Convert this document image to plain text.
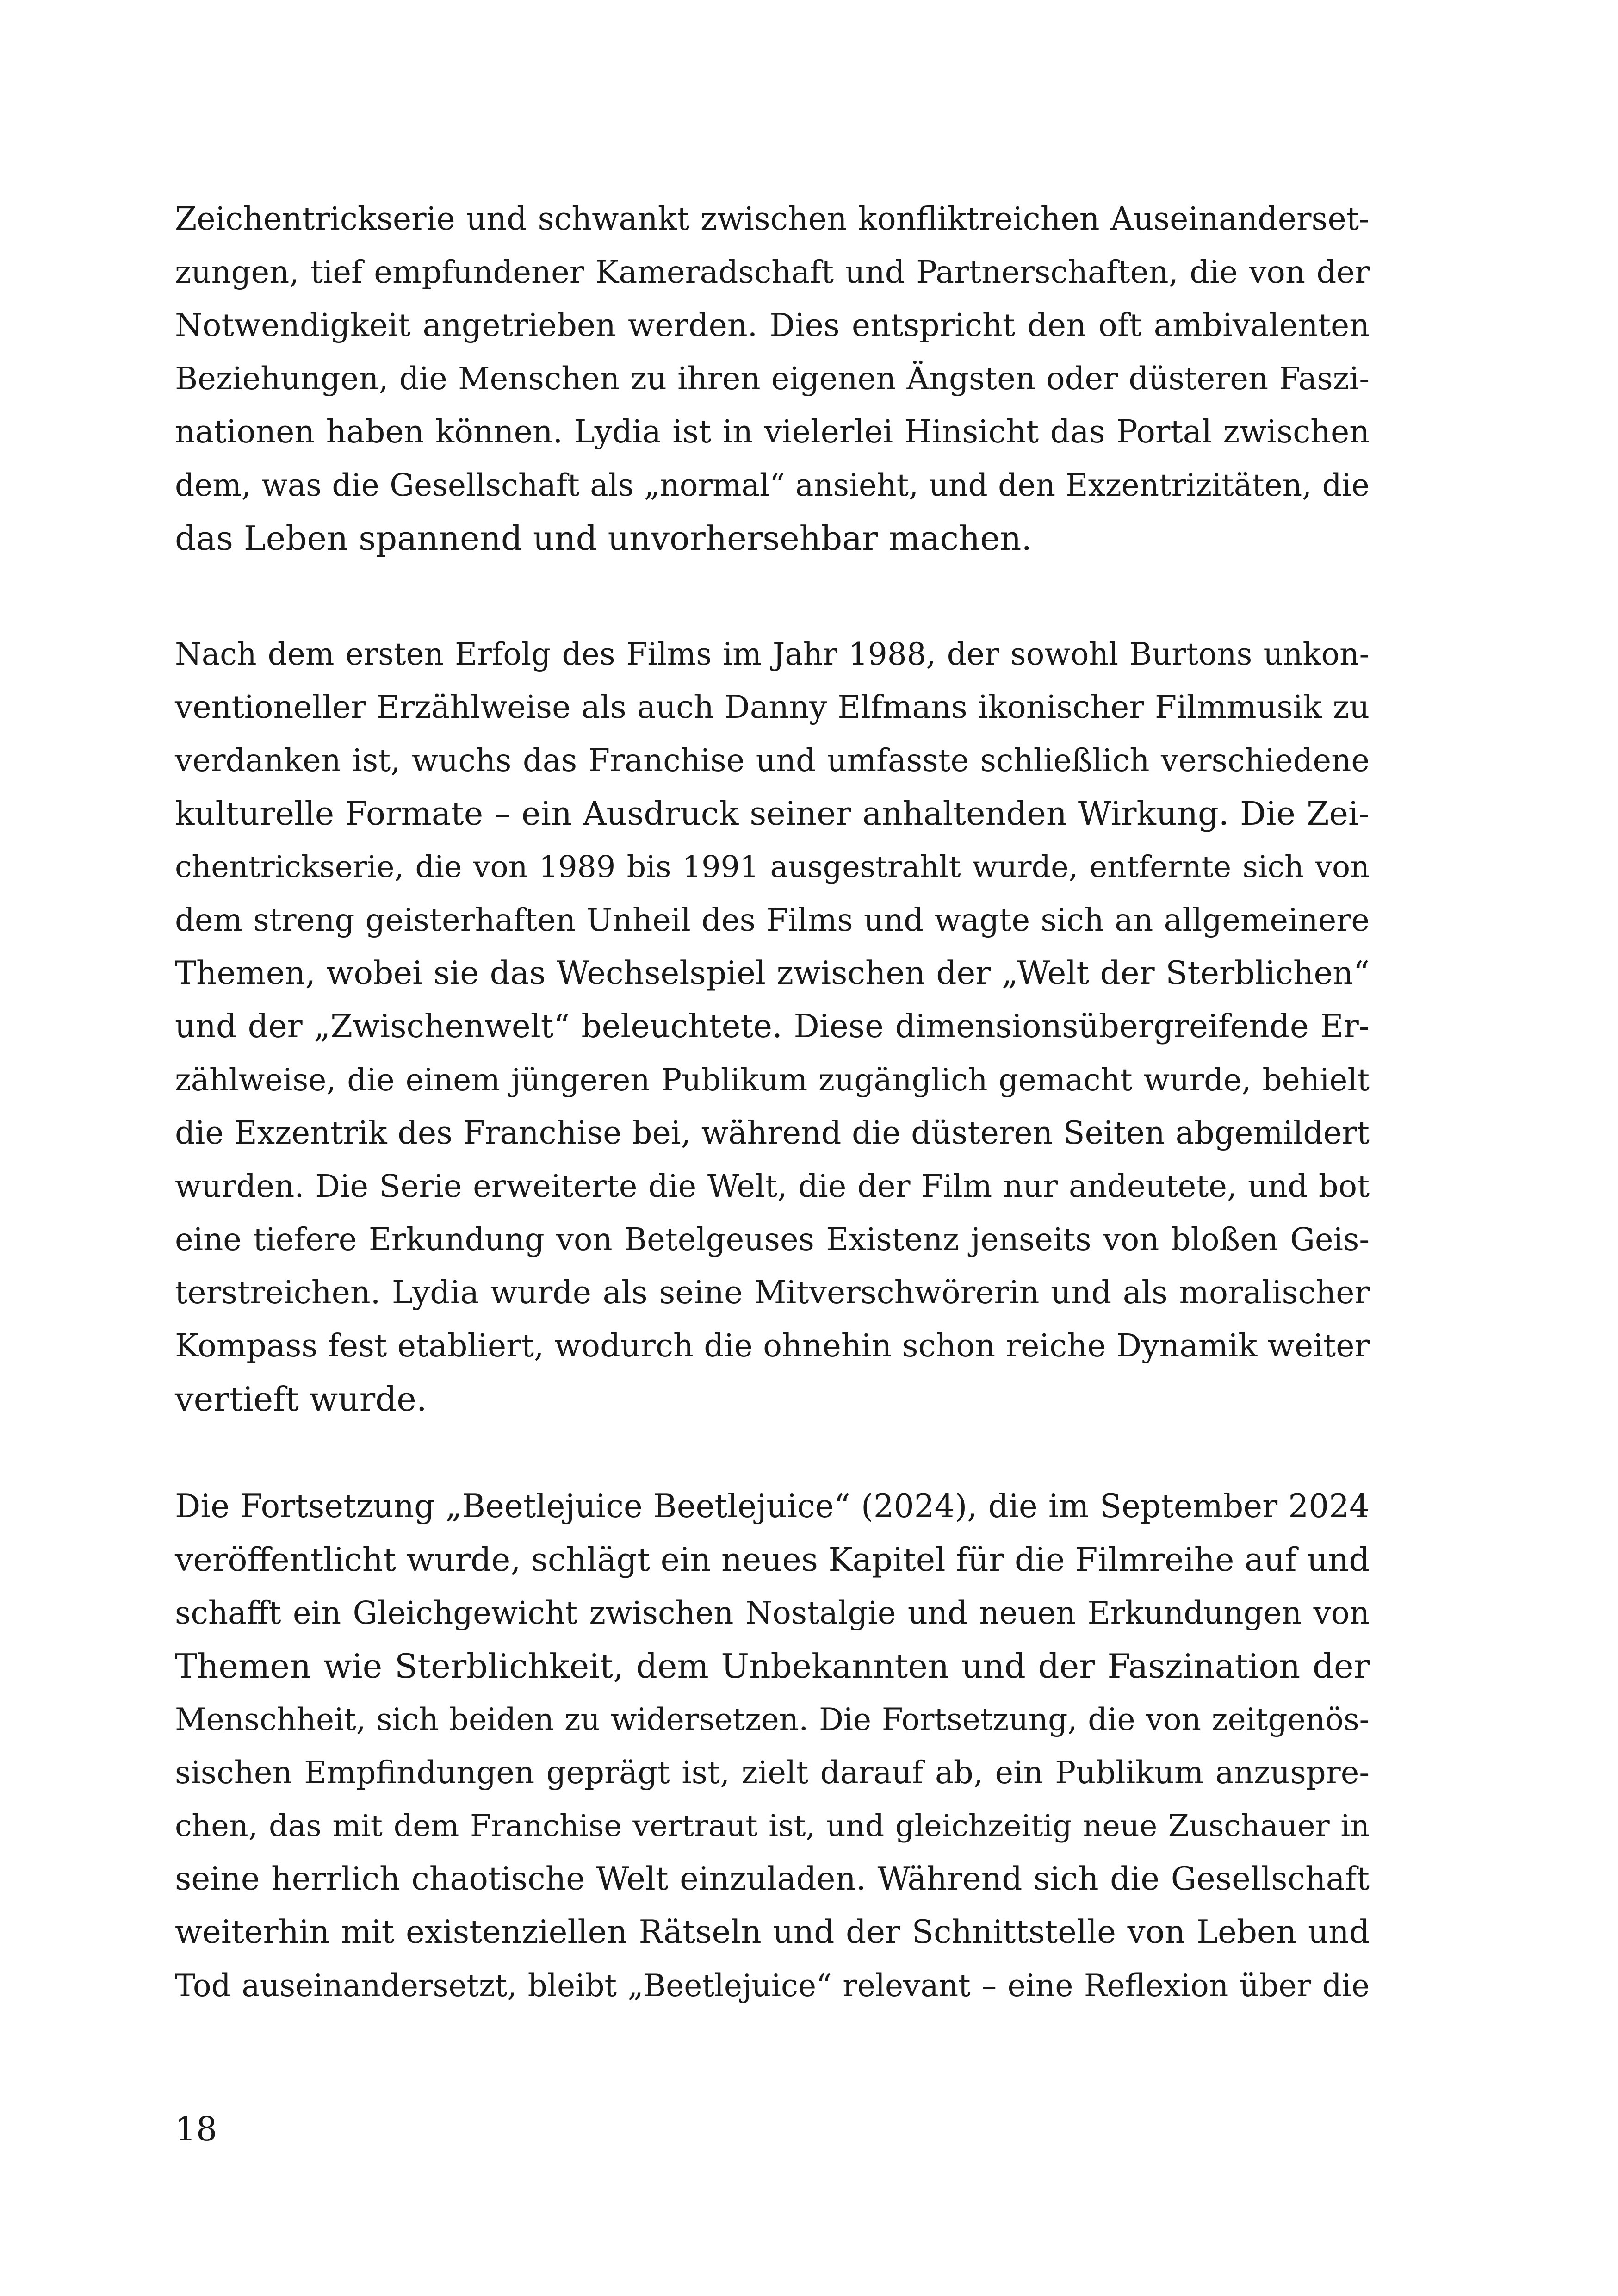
Zeichentrickserie und schwankt zwischen konfliktreichen Auseinanderset-
zungen, tief empfundener Kameradschaft und Partnerschaften, die von der
Notwendigkeit angetrieben werden. Dies entspricht den oft ambivalenten
Beziehungen, die Menschen zu ihren eigenen Ängsten oder düsteren Faszi-
nationen haben können. Lydia ist in vielerlei Hinsicht das Portal zwischen
dem, was die Gesellschaft als „normal“ ansieht, und den Exzentrizitäten, die
das Leben spannend und unvorhersehbar machen.
Nach dem ersten Erfolg des Films im Jahr 1988, der sowohl Burtons unkon-
ventioneller Erzählweise als auch Danny Elfmans ikonischer Filmmusik zu
verdanken ist, wuchs das Franchise und umfasste schließlich verschiedene
kulturelle Formate – ein Ausdruck seiner anhaltenden Wirkung. Die Zei-
chentrickserie, die von 1989 bis 1991 ausgestrahlt wurde, entfernte sich von
dem streng geisterhaften Unheil des Films und wagte sich an allgemeinere
Themen, wobei sie das Wechselspiel zwischen der „Welt der Sterblichen“
und der „Zwischenwelt“ beleuchtete. Diese dimensionsübergreifende Er-
zählweise, die einem jüngeren Publikum zugänglich gemacht wurde, behielt
die Exzentrik des Franchise bei, während die düsteren Seiten abgemildert
wurden. Die Serie erweiterte die Welt, die der Film nur andeutete, und bot
eine tiefere Erkundung von Betelgeuses Existenz jenseits von bloßen Geis-
terstreichen. Lydia wurde als seine Mitverschwörerin und als moralischer
Kompass fest etabliert, wodurch die ohnehin schon reiche Dynamik weiter
vertieft wurde.
Die Fortsetzung „Beetlejuice Beetlejuice“ (2024), die im September 2024
veröffentlicht wurde, schlägt ein neues Kapitel für die Filmreihe auf und
schafft ein Gleichgewicht zwischen Nostalgie und neuen Erkundungen von
Themen wie Sterblichkeit, dem Unbekannten und der Faszination der
Menschheit, sich beiden zu widersetzen. Die Fortsetzung, die von zeitgenös-
sischen Empfindungen geprägt ist, zielt darauf ab, ein Publikum anzuspre-
chen, das mit dem Franchise vertraut ist, und gleichzeitig neue Zuschauer in
seine herrlich chaotische Welt einzuladen. Während sich die Gesellschaft
weiterhin mit existenziellen Rätseln und der Schnittstelle von Leben und
Tod auseinandersetzt, bleibt „Beetlejuice“ relevant – eine Reflexion über die
18
